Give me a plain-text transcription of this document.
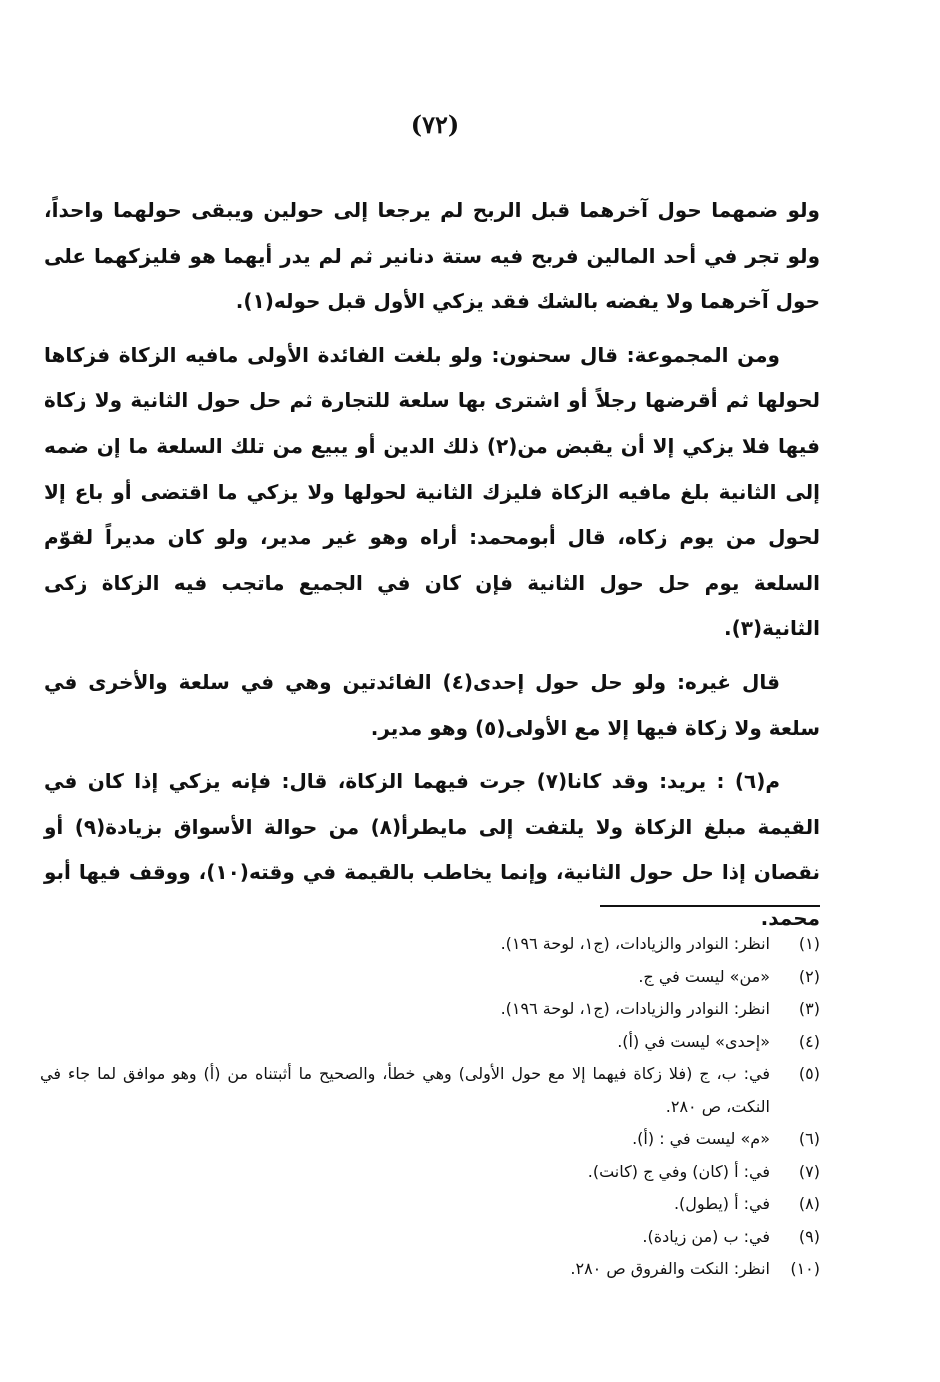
(٧٢)

ولو ضمهما حول آخرهما قبل الربح لم يرجعا إلى حولين ويبقى حولهما واحداً، ولو تجر في أحد المالين فربح فيه ستة دنانير ثم لم يدر أيهما هو فليزكهما على حول آخرهما ولا يفضه بالشك فقد يزكي الأول قبل حوله(١).

ومن المجموعة: قال سحنون: ولو بلغت الفائدة الأولى مافيه الزكاة فزكاها لحولها ثم أقرضها رجلاً أو اشترى بها سلعة للتجارة ثم حل حول الثانية ولا زكاة فيها فلا يزكي إلا أن يقبض من(٢) ذلك الدين أو يبيع من تلك السلعة ما إن ضمه إلى الثانية بلغ مافيه الزكاة فليزك الثانية لحولها ولا يزكي ما اقتضى أو باع إلا لحول من يوم زكاه، قال أبومحمد: أراه وهو غير مدير، ولو كان مديراً لقوّم السلعة يوم حل حول الثانية فإن كان في الجميع ماتجب فيه الزكاة زكى الثانية(٣).

قال غيره: ولو حل حول إحدى(٤) الفائدتين وهي في سلعة والأخرى في سلعة ولا زكاة فيها إلا مع الأولى(٥) وهو مدير.

م(٦) : يريد: وقد كانا(٧) جرت فيهما الزكاة، قال: فإنه يزكي إذا كان في القيمة مبلغ الزكاة ولا يلتفت إلى مايطرأ(٨) من حوالة الأسواق بزيادة(٩) أو نقصان إذا حل حول الثانية، وإنما يخاطب بالقيمة في وقته(١٠)، ووقف فيها أبو محمد.

(١)
انظر: النوادر والزيادات، (ج١، لوحة ١٩٦).
(٢)
«من» ليست في ج.
(٣)
انظر: النوادر والزيادات، (ج١، لوحة ١٩٦).
(٤)
«إحدى» ليست في (أ).
(٥)
في: ب، ج (فلا زكاة فيهما إلا مع حول الأولى) وهي خطأ، والصحيح ما أثبتناه من (أ) وهو موافق لما جاء في النكت، ص ٢٨٠.
(٦)
«م» ليست في : (أ).
(٧)
في: أ (كان) وفي ج (كانت).
(٨)
في: أ (يطول).
(٩)
في: ب (من زيادة).
(١٠)
انظر: النكت والفروق ص ٢٨٠.
